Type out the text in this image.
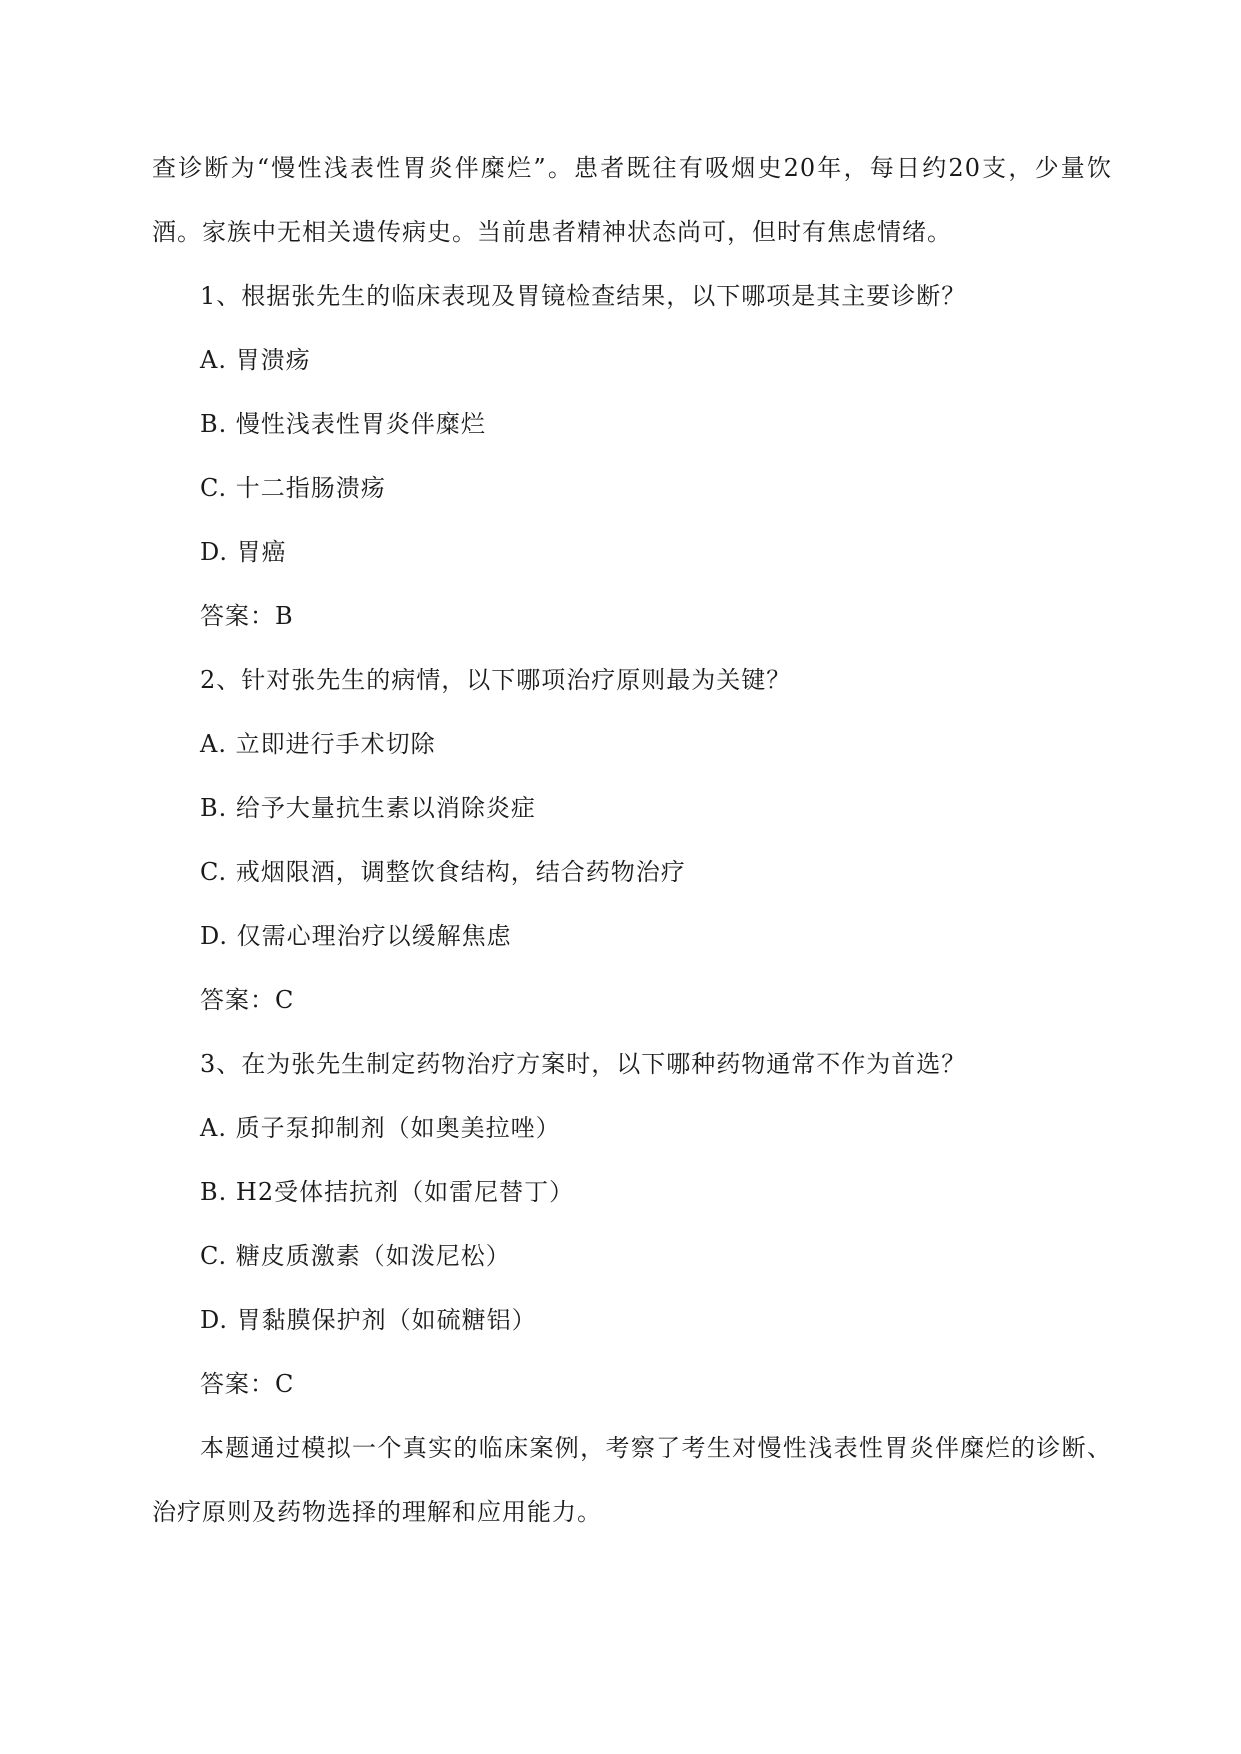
查诊断为“慢性浅表性胃炎伴糜烂”。患者既往有吸烟史20年，每日约20支，少量饮
酒。家族中无相关遗传病史。当前患者精神状态尚可，但时有焦虑情绪。
1、根据张先生的临床表现及胃镜检查结果，以下哪项是其主要诊断？
A. 胃溃疡
B. 慢性浅表性胃炎伴糜烂
C. 十二指肠溃疡
D. 胃癌
答案：B
2、针对张先生的病情，以下哪项治疗原则最为关键？
A. 立即进行手术切除
B. 给予大量抗生素以消除炎症
C. 戒烟限酒，调整饮食结构，结合药物治疗
D. 仅需心理治疗以缓解焦虑
答案：C
3、在为张先生制定药物治疗方案时，以下哪种药物通常不作为首选？
A. 质子泵抑制剂（如奥美拉唑）
B. H2受体拮抗剂（如雷尼替丁）
C. 糖皮质激素（如泼尼松）
D. 胃黏膜保护剂（如硫糖铝）
答案：C
本题通过模拟一个真实的临床案例，考察了考生对慢性浅表性胃炎伴糜烂的诊断、
治疗原则及药物选择的理解和应用能力。
